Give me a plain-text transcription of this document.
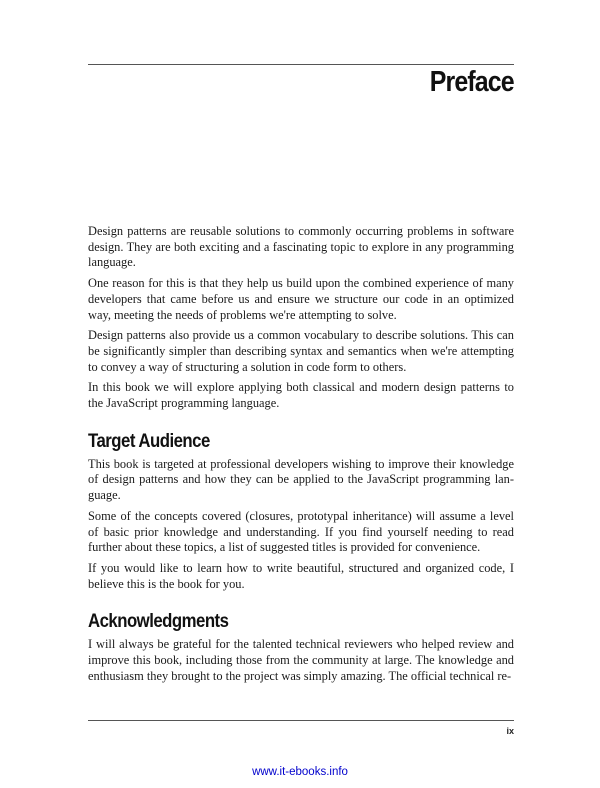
Preface

Design patterns are reusable solutions to commonly occurring problems in software design. They are both exciting and a fascinating topic to explore in any programming language.

One reason for this is that they help us build upon the combined experience of many developers that came before us and ensure we structure our code in an optimized way, meeting the needs of problems we're attempting to solve.

Design patterns also provide us a common vocabulary to describe solutions. This can be significantly simpler than describing syntax and semantics when we're attempting to convey a way of structuring a solution in code form to others.

In this book we will explore applying both classical and modern design patterns to the JavaScript programming language.

Target Audience

This book is targeted at professional developers wishing to improve their knowledge of design patterns and how they can be applied to the JavaScript programming language.

Some of the concepts covered (closures, prototypal inheritance) will assume a level of basic prior knowledge and understanding. If you find yourself needing to read further about these topics, a list of suggested titles is provided for convenience.

If you would like to learn how to write beautiful, structured and organized code, I believe this is the book for you.

Acknowledgments

I will always be grateful for the talented technical reviewers who helped review and improve this book, including those from the community at large. The knowledge and enthusiasm they brought to the project was simply amazing. The official technical re-

ix
www.it-ebooks.info
